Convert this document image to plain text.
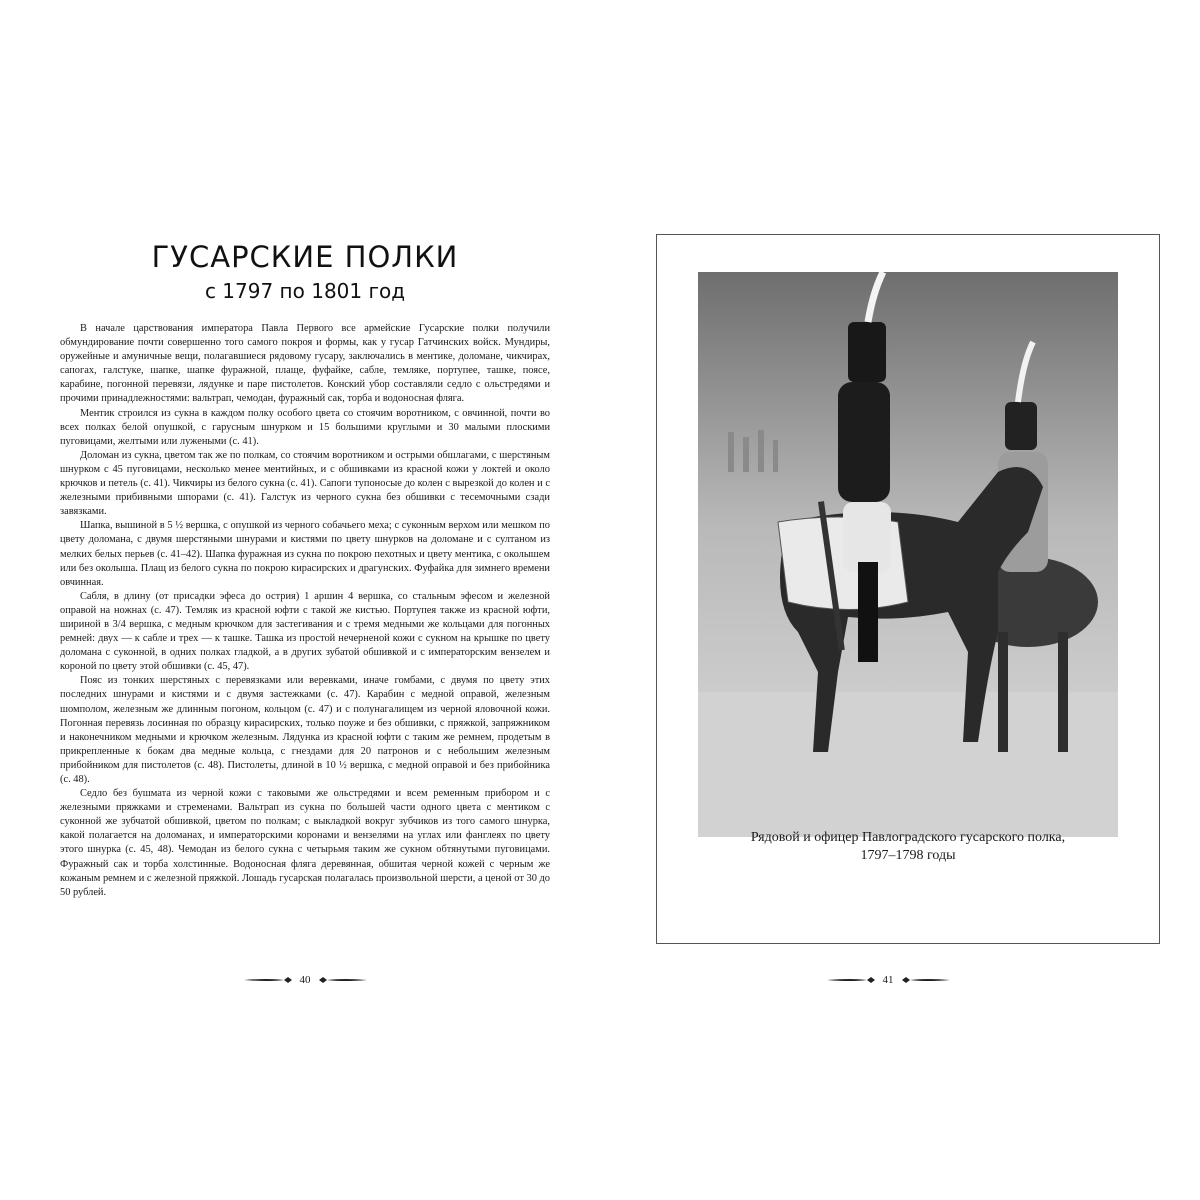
ГУСАРСКИЕ ПОЛКИ
с 1797 по 1801 год

В начале царствования императора Павла Первого все армейские Гусарские полки получили обмундирование почти совершенно того самого покроя и формы, как у гусар Гатчинских войск. Мундиры, оружейные и амуничные вещи, полагавшиеся рядовому гусару, заключались в ментике, доломане, чикчирах, сапогах, галстуке, шапке, шапке фуражной, плаще, фуфайке, сабле, темляке, портупее, ташке, поясе, карабине, погонной перевязи, лядунке и паре пистолетов. Конский убор составляли седло с ольстредями и прочими принадлежностями: вальтрап, чемодан, фуражный сак, торба и водоносная фляга.

Ментик строился из сукна в каждом полку особого цвета со стоячим воротником, с овчинной, почти во всех полках белой опушкой, с гарусным шнурком и 15 большими круглыми и 30 малыми плоскими пуговицами, желтыми или лужеными (с. 41).

Доломан из сукна, цветом так же по полкам, со стоячим воротником и острыми обшлагами, с шерстяным шнурком с 45 пуговицами, несколько менее ментийных, и с обшивками из красной кожи у локтей и около крючков и петель (с. 41). Чикчиры из белого сукна (с. 41). Сапоги тупоносые до колен с вырезкой до колен и с железными прибивными шпорами (с. 41). Галстук из черного сукна без обшивки с тесемочными сзади завязками.

Шапка, вышиной в 5 ½ вершка, с опушкой из черного собачьего меха; с суконным верхом или мешком по цвету доломана, с двумя шерстяными шнурами и кистями по цвету шнурков на доломане и с султаном из мелких белых перьев (с. 41–42). Шапка фуражная из сукна по покрою пехотных и цвету ментика, с околышем или без околыша. Плащ из белого сукна по покрою кирасирских и драгунских. Фуфайка для зимнего времени овчинная.

Сабля, в длину (от присадки эфеса до острия) 1 аршин 4 вершка, со стальным эфесом и железной оправой на ножнах (с. 47). Темляк из красной юфти с такой же кистью. Портупея также из красной юфти, шириной в 3/4 вершка, с медным крючком для застегивания и с тремя медными же кольцами для погонных ремней: двух — к сабле и трех — к ташке. Ташка из простой нечерненой кожи с сукном на крышке по цвету доломана с суконной, в одних полках гладкой, а в других зубатой обшивкой и с императорским вензелем и короной по цвету этой обшивки (с. 45, 47).

Пояс из тонких шерстяных с перевязками или веревками, иначе гомбами, с двумя по цвету этих последних шнурами и кистями и с двумя застежками (с. 47). Карабин с медной оправой, железным шомполом, железным же длинным погоном, кольцом (с. 47) и с полунагалищем из черной яловочной кожи. Погонная перевязь лосинная по образцу кирасирских, только поуже и без обшивки, с пряжкой, запряжником и наконечником медными и крючком железным. Лядунка из красной юфти с таким же ремнем, продетым в прикрепленные к бокам два медные кольца, с гнездами для 20 патронов и с небольшим железным прибойником для пистолетов (с. 48). Пистолеты, длиной в 10 ½ вершка, с медной оправой и без прибойника (с. 48).

Седло без бушмата из черной кожи с таковыми же ольстредями и всем ременным прибором и с железными пряжками и стременами. Вальтрап из сукна по большей части одного цвета с ментиком с суконной же зубчатой обшивкой, цветом по полкам; с выкладкой вокруг зубчиков из того самого шнурка, какой полагается на доломанах, и императорскими коронами и вензелями на углах или фанглеях по цвету этого шнурка (с. 45, 48). Чемодан из белого сукна с четырьмя таким же сукном обтянутыми пуговицами. Фуражный сак и торба холстинные. Водоносная фляга деревянная, обшитая черной кожей с черным же кожаным ремнем и с железной пряжкой. Лошадь гусарская полагалась произвольной шерсти, а ценой от 30 до 50 рублей.

40
Рядовой и офицер Павлоградского гусарского полка,
1797–1798 годы
41
